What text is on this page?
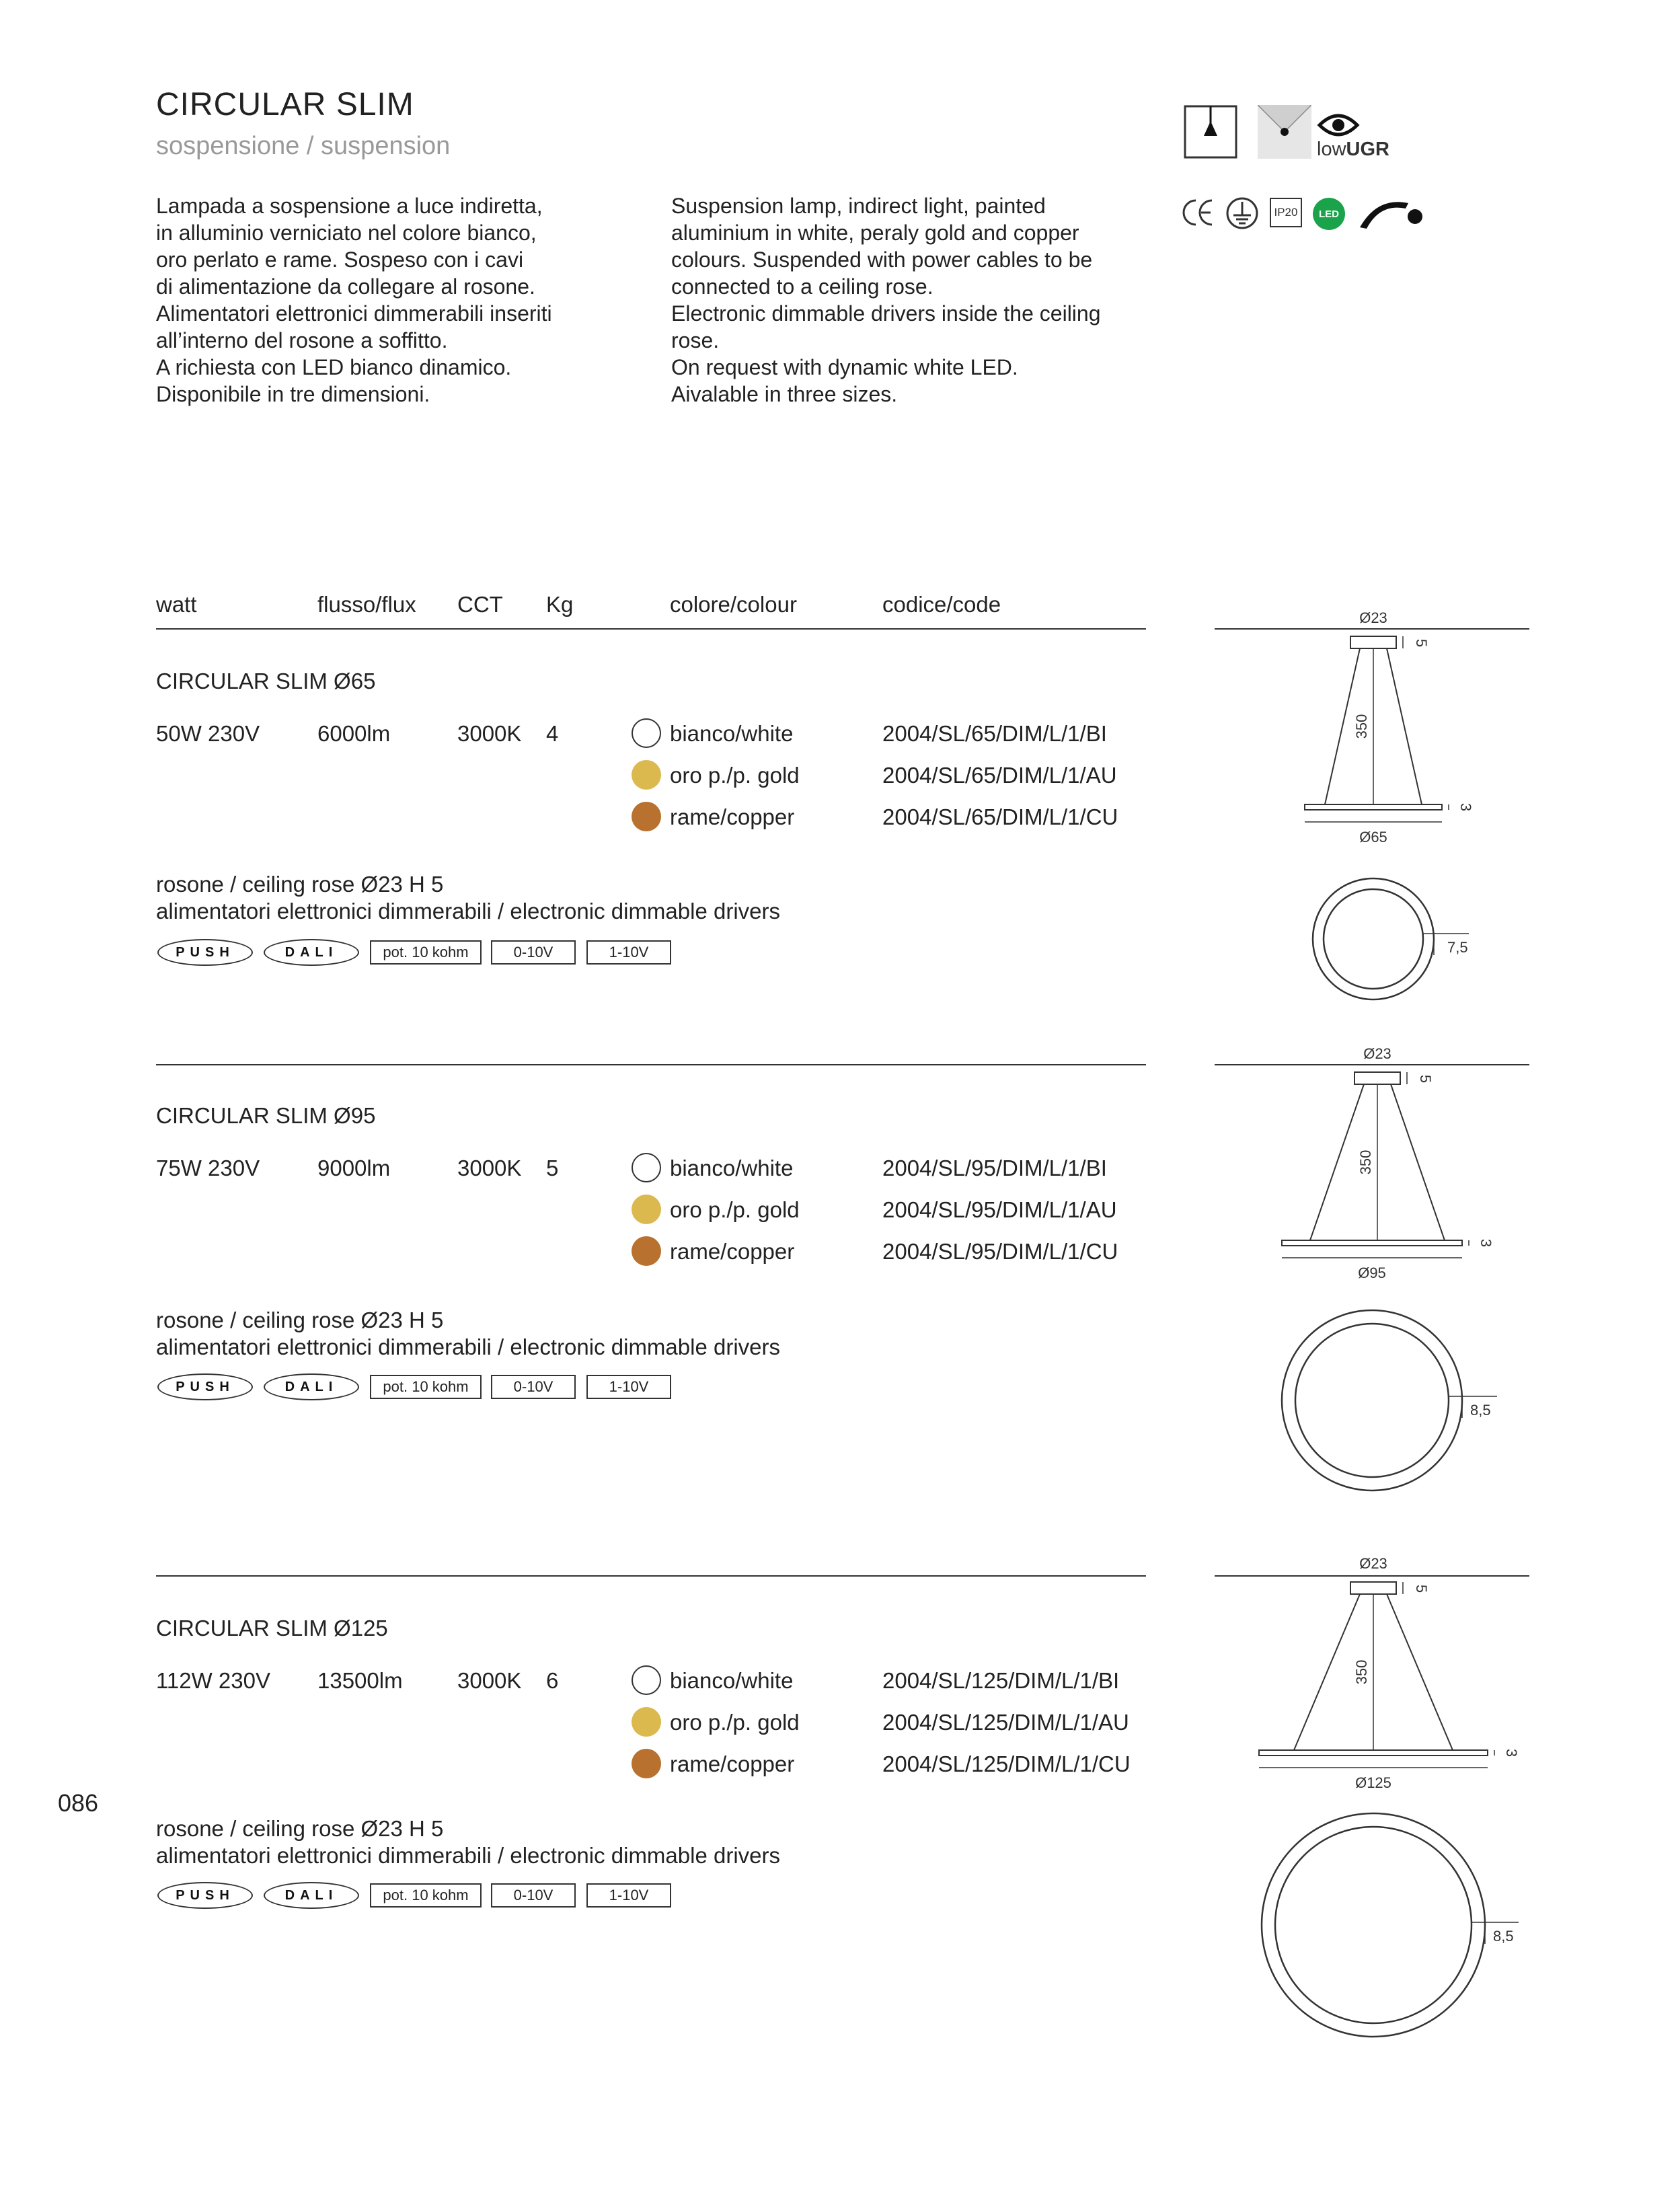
CIRCULAR SLIM
sospensione / suspension
Lampada a sospensione a luce indiretta,
in alluminio verniciato nel colore bianco,
oro perlato e rame. Sospeso con i cavi
di alimentazione da collegare al rosone.
Alimentatori elettronici dimmerabili inseriti
all’interno del rosone a soffitto.
A richiesta con LED bianco dinamico.
Disponibile in tre dimensioni.
Suspension lamp, indirect light, painted
aluminium in white, peraly gold and copper
colours. Suspended with power cables to be
connected to a ceiling rose.
Electronic dimmable drivers inside the ceiling
rose.
On request with dynamic white LED.
Aivalable in three sizes.
lowUGR
IP20	LED
watt	flusso/flux CCT Kg	colore/colour	codice/code
CIRCULAR SLIM Ø65
50W 230V	6000lm	3000K 4	bianco/white	2004/SL/65/DIM/L/1/BI
oro p./p. gold	2004/SL/65/DIM/L/1/AU
rame/copper	2004/SL/65/DIM/L/1/CU
rosone / ceiling rose Ø23 H 5
alimentatori elettronici dimmerabili / electronic dimmable drivers
PUSH	DALI	pot. 10 kohm	0-10V	1-10V
Ø23
5
350
3
Ø65
7,5
CIRCULAR SLIM Ø95
75W 230V	9000lm	3000K 5	bianco/white	2004/SL/95/DIM/L/1/BI
oro p./p. gold	2004/SL/95/DIM/L/1/AU
rame/copper	2004/SL/95/DIM/L/1/CU
rosone / ceiling rose Ø23 H 5
alimentatori elettronici dimmerabili / electronic dimmable drivers
PUSH	DALI	pot. 10 kohm	0-10V	1-10V
Ø23
5
350
3
Ø95
8,5
CIRCULAR SLIM Ø125
112W 230V 13500lm 3000K 6	bianco/white	2004/SL/125/DIM/L/1/BI
oro p./p. gold	2004/SL/125/DIM/L/1/AU
rame/copper	2004/SL/125/DIM/L/1/CU
086
rosone / ceiling rose Ø23 H 5
alimentatori elettronici dimmerabili / electronic dimmable drivers
PUSH	DALI	pot. 10 kohm	0-10V	1-10V
Ø23
5
350
3
Ø125
8,5
